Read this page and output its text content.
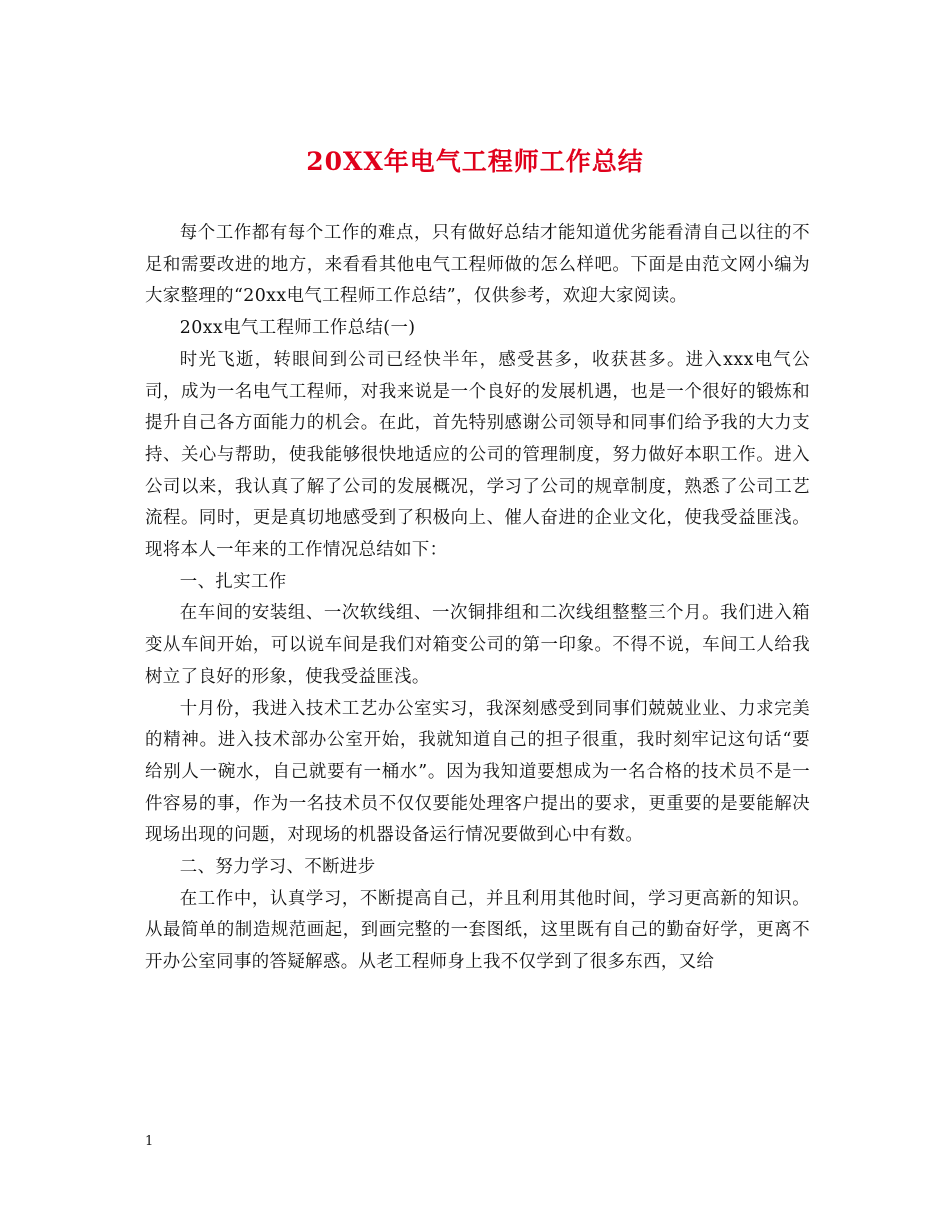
20XX年电气工程师工作总结

每个工作都有每个工作的难点，只有做好总结才能知道优劣能看清自己以往的不足和需要改进的地方，来看看其他电气工程师做的怎么样吧。下面是由范文网小编为大家整理的“20xx电气工程师工作总结”，仅供参考，欢迎大家阅读。

20xx电气工程师工作总结(一)

时光飞逝，转眼间到公司已经快半年，感受甚多，收获甚多。进入xxx电气公司，成为一名电气工程师，对我来说是一个良好的发展机遇，也是一个很好的锻炼和提升自己各方面能力的机会。在此，首先特别感谢公司领导和同事们给予我的大力支持、关心与帮助，使我能够很快地适应的公司的管理制度，努力做好本职工作。进入公司以来，我认真了解了公司的发展概况，学习了公司的规章制度，熟悉了公司工艺流程。同时，更是真切地感受到了积极向上、催人奋进的企业文化，使我受益匪浅。现将本人一年来的工作情况总结如下：

一、扎实工作

在车间的安装组、一次软线组、一次铜排组和二次线组整整三个月。我们进入箱变从车间开始，可以说车间是我们对箱变公司的第一印象。不得不说，车间工人给我树立了良好的形象，使我受益匪浅。

十月份，我进入技术工艺办公室实习，我深刻感受到同事们兢兢业业、力求完美的精神。进入技术部办公室开始，我就知道自己的担子很重，我时刻牢记这句话“要给别人一碗水，自己就要有一桶水”。因为我知道要想成为一名合格的技术员不是一件容易的事，作为一名技术员不仅仅要能处理客户提出的要求，更重要的是要能解决现场出现的问题，对现场的机器设备运行情况要做到心中有数。

二、努力学习、不断进步

在工作中，认真学习，不断提高自己，并且利用其他时间，学习更高新的知识。从最简单的制造规范画起，到画完整的一套图纸，这里既有自己的勤奋好学，更离不开办公室同事的答疑解惑。从老工程师身上我不仅学到了很多东西，又给

1
